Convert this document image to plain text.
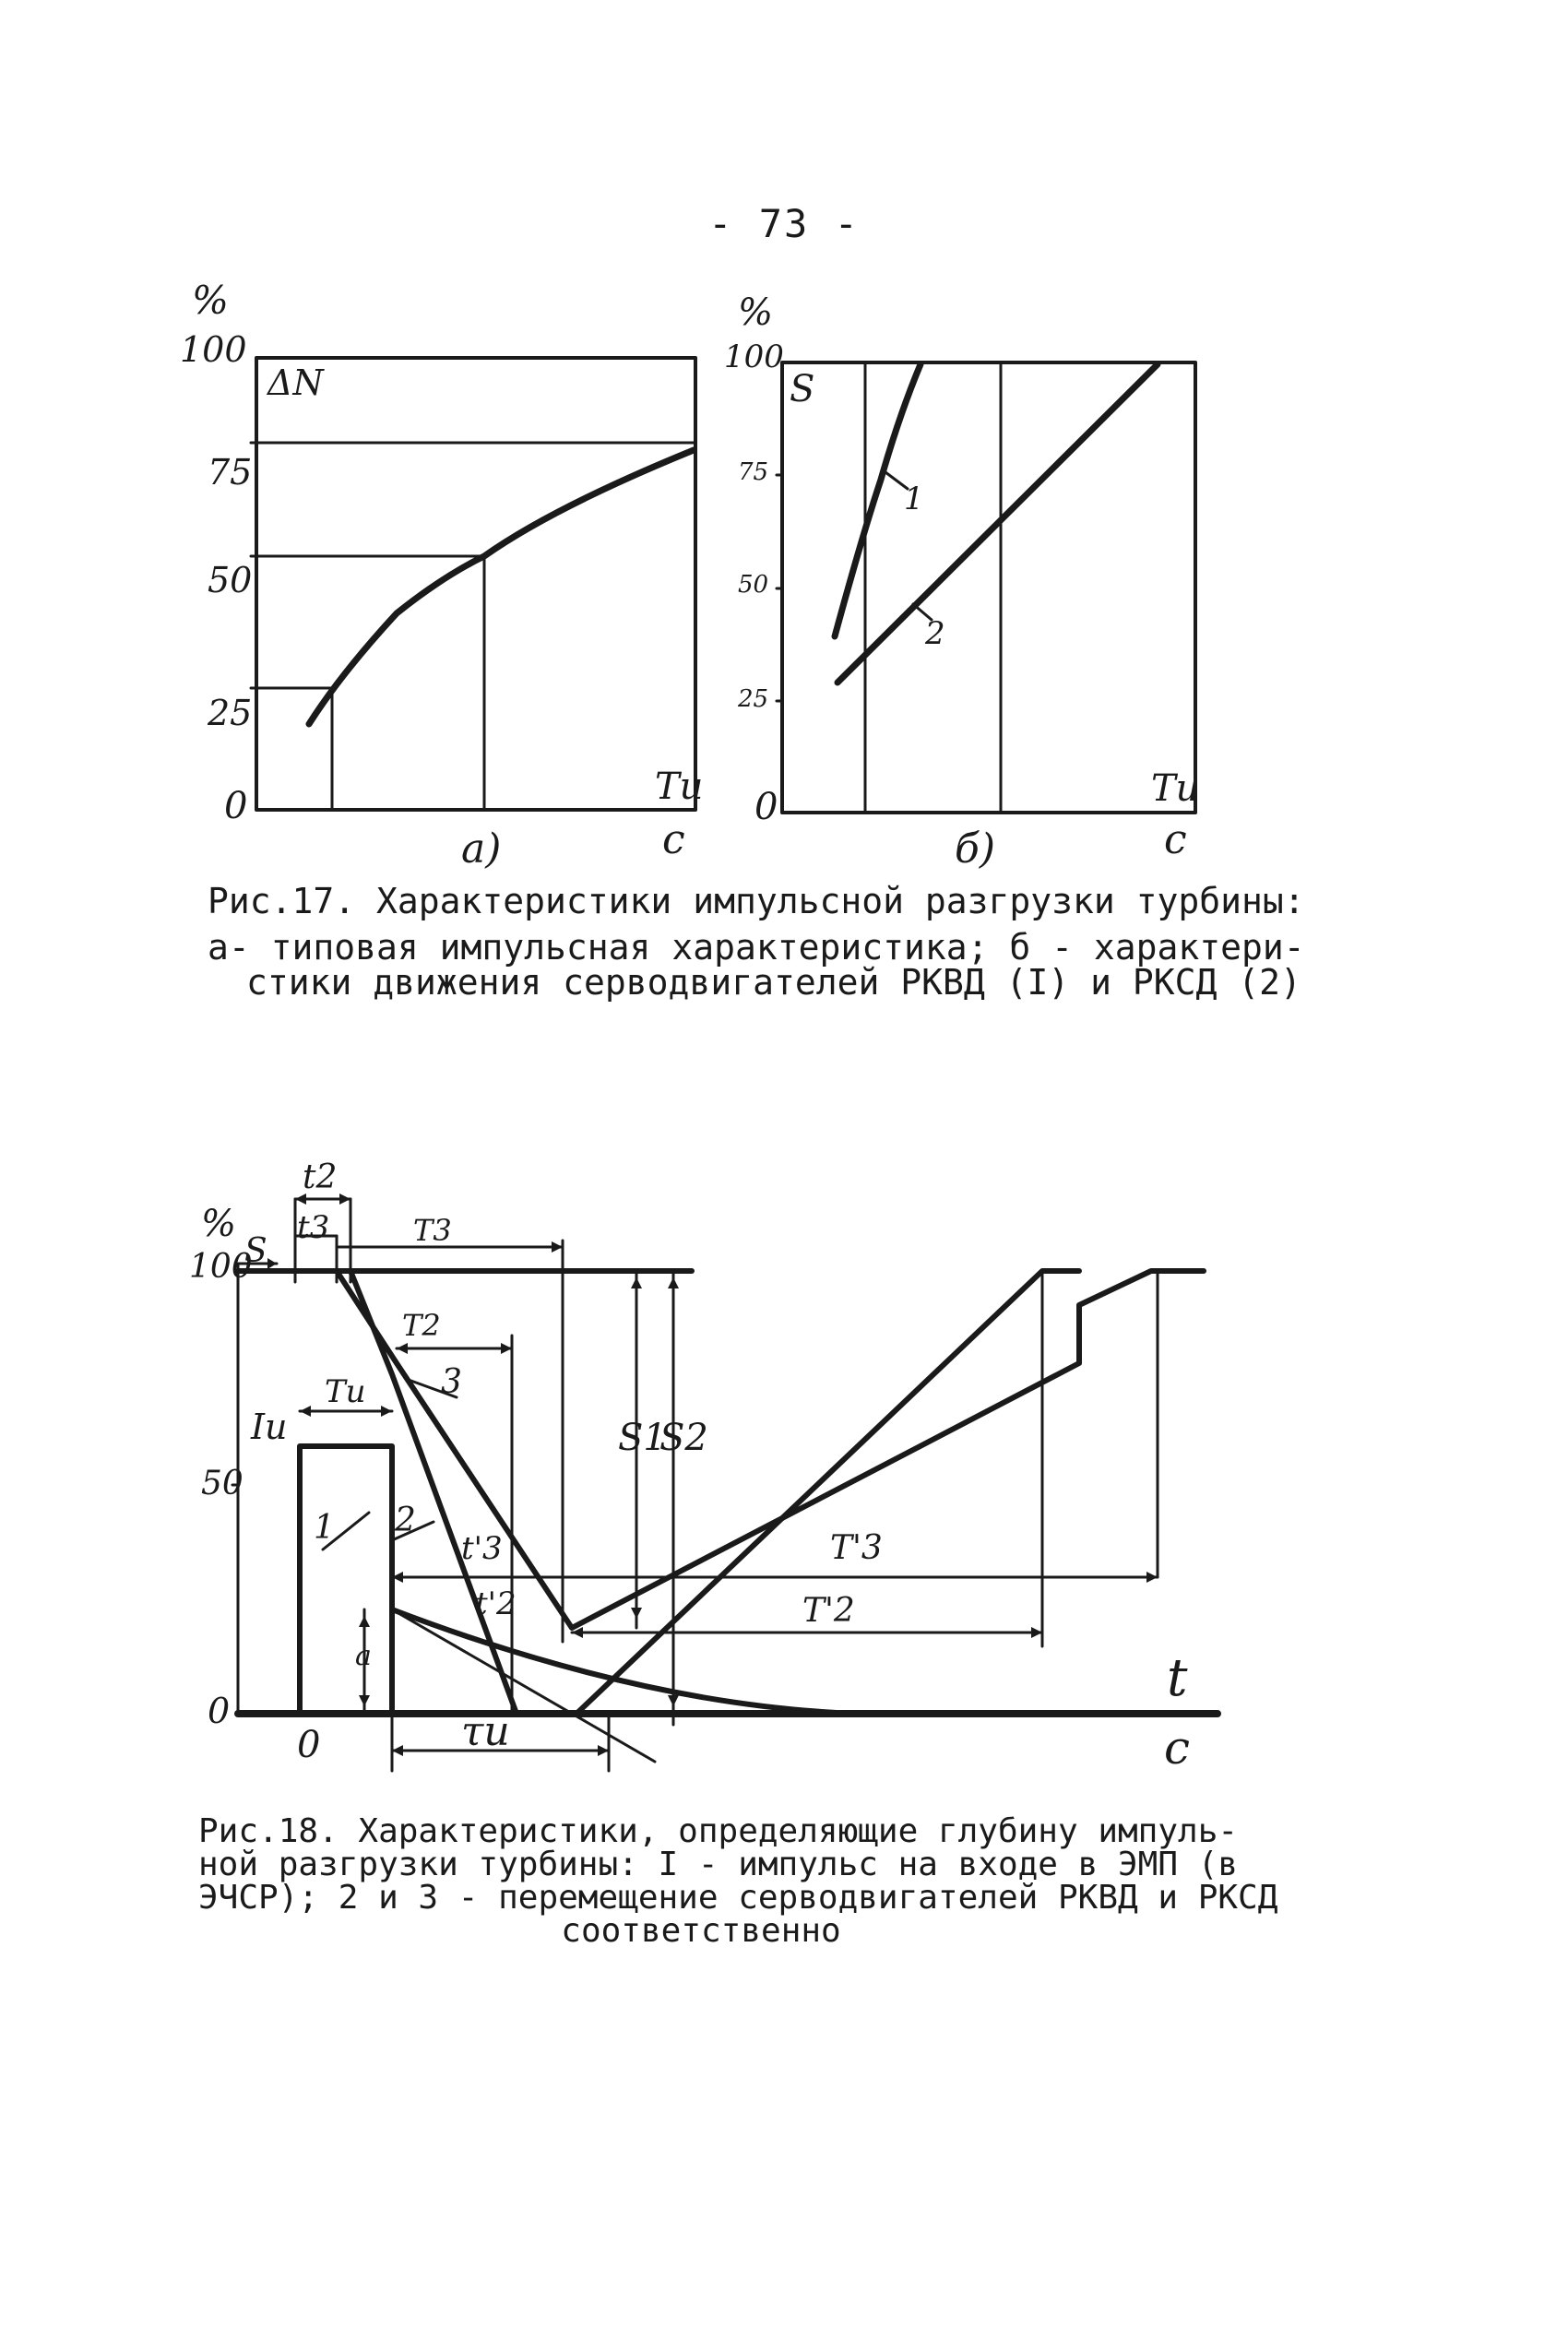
- 73 -
%
100
75
50
25
0
ΔN
Tu
c
a)
%
100
75
50
25
0
S
1
2
Tu
c
б)
Рис.17. Характеристики импульсной разгрузки турбины:
а- типовая импульсная характеристика; б - характери-
стики движения серводвигателей РКВД (I) и РКСД (2)
%
100
50
0
S
0
t
c
t2
t3	T3
T2
Tu
Iu	S1
S2
t'3
t'2
T'3
T'2
a
τu
1 2
3
Рис.18. Характеристики, определяющие глубину импуль-
ной разгрузки турбины: I - импульс на входе в ЭМП (в
ЭЧСР); 2 и 3 - перемещение серводвигателей РКВД и РКСД
соответственно
